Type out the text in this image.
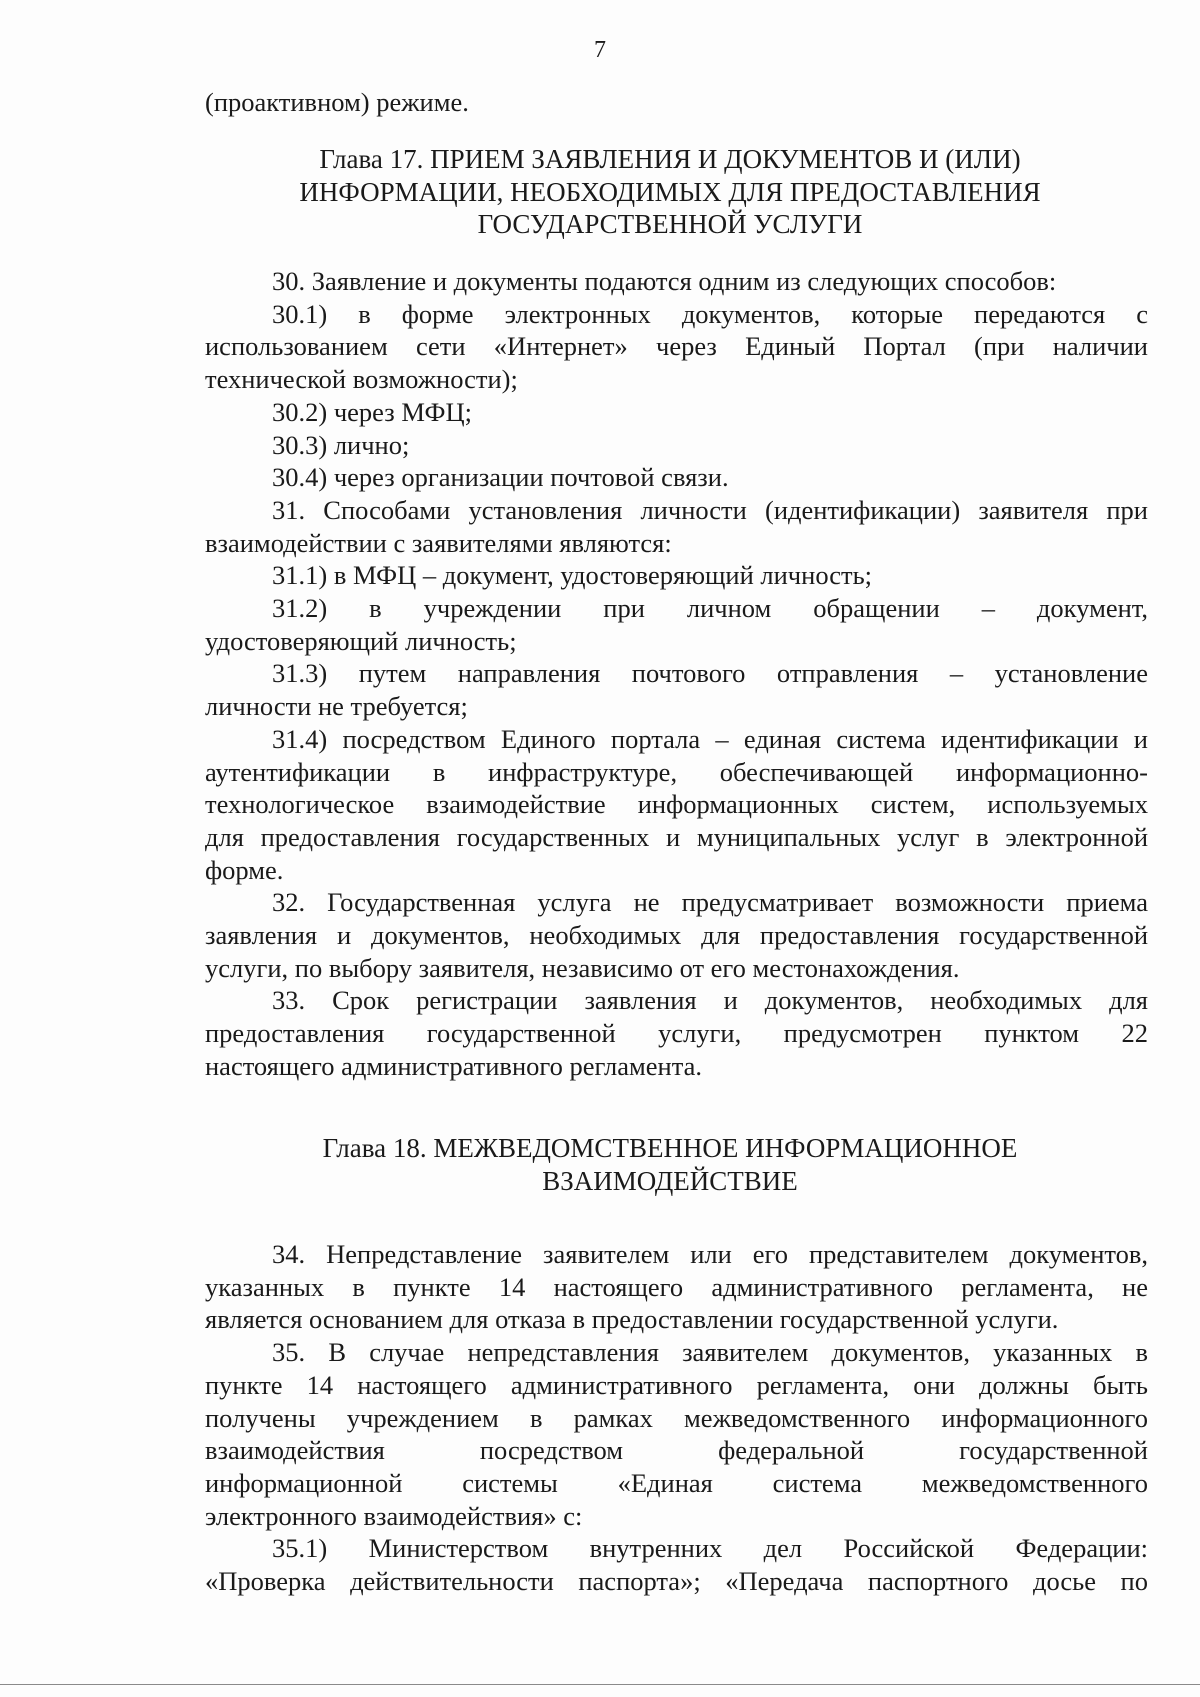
7

(проактивном) режиме.

Глава 17. ПРИЕМ ЗАЯВЛЕНИЯ И ДОКУМЕНТОВ И (ИЛИ)
ИНФОРМАЦИИ, НЕОБХОДИМЫХ ДЛЯ ПРЕДОСТАВЛЕНИЯ
ГОСУДАРСТВЕННОЙ УСЛУГИ
30. Заявление и документы подаются одним из следующих способов:
30.1) в форме электронных документов, которые передаются с
использованием сети «Интернет» через Единый Портал (при наличии
технической возможности);
30.2) через МФЦ;
30.3) лично;
30.4) через организации почтовой связи.
31. Способами установления личности (идентификации) заявителя при
взаимодействии с заявителями являются:
31.1) в МФЦ – документ, удостоверяющий личность;
31.2) в учреждении при личном обращении – документ,
удостоверяющий личность;
31.3) путем направления почтового отправления – установление
личности не требуется;
31.4) посредством Единого портала – единая система идентификации и
аутентификации в инфраструктуре, обеспечивающей информационно-
технологическое взаимодействие информационных систем, используемых
для предоставления государственных и муниципальных услуг в электронной
форме.
32. Государственная услуга не предусматривает возможности приема
заявления и документов, необходимых для предоставления государственной
услуги, по выбору заявителя, независимо от его местонахождения.
33. Срок регистрации заявления и документов, необходимых для
предоставления государственной услуги, предусмотрен пунктом 22
настоящего административного регламента.
Глава 18. МЕЖВЕДОМСТВЕННОЕ ИНФОРМАЦИОННОЕ
ВЗАИМОДЕЙСТВИЕ
34. Непредставление заявителем или его представителем документов,
указанных в пункте 14 настоящего административного регламента, не
является основанием для отказа в предоставлении государственной услуги.
35. В случае непредставления заявителем документов, указанных в
пункте 14 настоящего административного регламента, они должны быть
получены учреждением в рамках межведомственного информационного
взаимодействия посредством федеральной государственной
информационной системы «Единая система межведомственного
электронного взаимодействия» с:
35.1) Министерством внутренних дел Российской Федерации:
«Проверка действительности паспорта»; «Передача паспортного досье по
